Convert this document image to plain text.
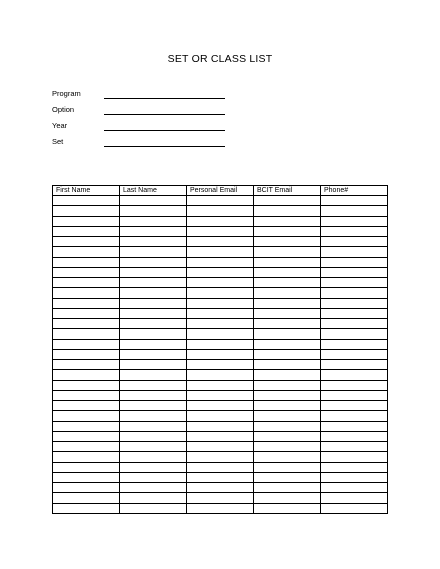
SET OR CLASS LIST
Program
Option
Year
Set
First Name	Last Name	Personal Email	BCIT Email	Phone#
